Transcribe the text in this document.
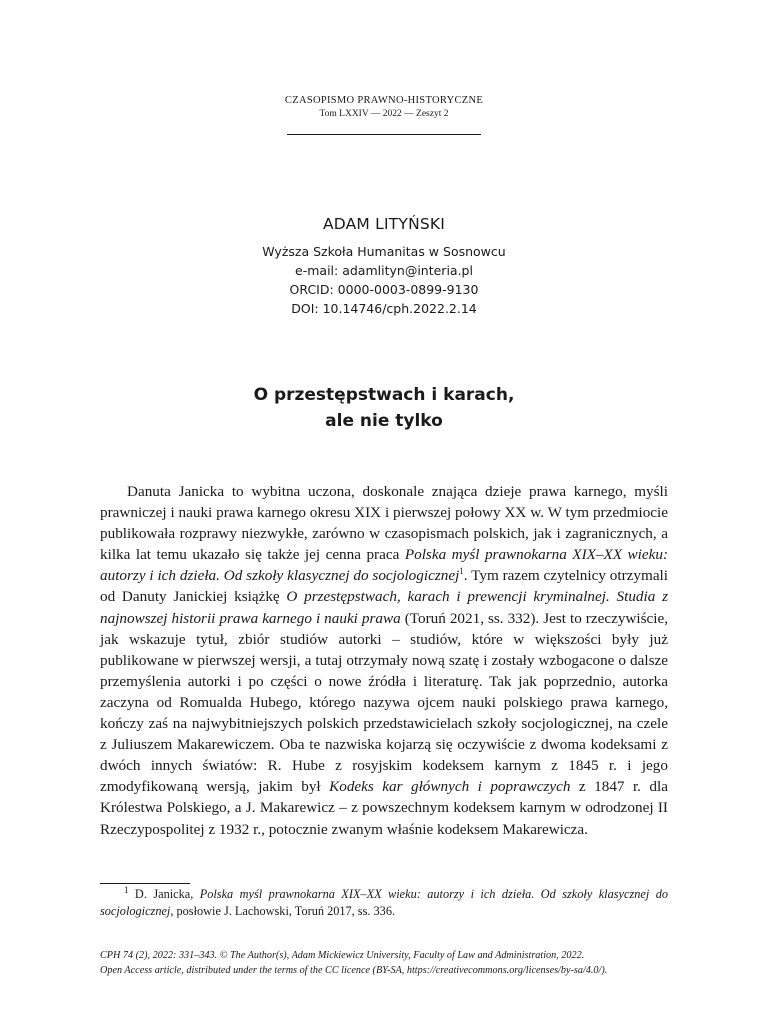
CZASOPISMO PRAWNO-HISTORYCZNE
Tom LXXIV — 2022 — Zeszyt 2
ADAM LITYŃSKI
Wyższa Szkoła Humanitas w Sosnowcu
e-mail: adamlityn@interia.pl
ORCID: 0000-0003-0899-9130
DOI: 10.14746/cph.2022.2.14
O przestępstwach i karach,
ale nie tylko

Danuta Janicka to wybitna uczona, doskonale znająca dzieje prawa karnego, myśli prawniczej i nauki prawa karnego okresu XIX i pierwszej połowy XX w. W tym przedmiocie publikowała rozprawy niezwykłe, zarówno w czasopismach polskich, jak i zagranicznych, a kilka lat temu ukazało się także jej cenna praca Polska myśl prawnokarna XIX–XX wieku: autorzy i ich dzieła. Od szkoły klasycznej do socjologicznej$^1$. Tym razem czytelnicy otrzymali od Danuty Janickiej książkę O przestępstwach, karach i prewencji kryminalnej. Studia z najnowszej historii prawa karnego i nauki prawa (Toruń 2021, ss. 332). Jest to rzeczywiście, jak wskazuje tytuł, zbiór studiów autorki – studiów, które w większości były już publikowane w pierwszej wersji, a tutaj otrzymały nową szatę i zostały wzbogacone o dalsze przemyślenia autorki i po części o nowe źródła i literaturę. Tak jak poprzednio, autorka zaczyna od Romualda Hubego, którego nazywa ojcem nauki polskiego prawa karnego, kończy zaś na najwybitniejszych polskich przedstawicielach szkoły socjologicznej, na czele z Juliuszem Makarewiczem. Oba te nazwiska kojarzą się oczywiście z dwoma kodeksami z dwóch innych światów: R. Hube z rosyjskim kodeksem karnym z 1845 r. i jego zmodyfikowaną wersją, jakim był Kodeks kar głównych i poprawczych z 1847 r. dla Królestwa Polskiego, a J. Makarewicz – z powszechnym kodeksem karnym w odrodzonej II Rzeczypospolitej z 1932 r., potocznie zwanym właśnie kodeksem Makarewicza.

$^1$ D. Janicka, Polska myśl prawnokarna XIX–XX wieku: autorzy i ich dzieła. Od szkoły klasycznej do socjologicznej, posłowie J. Lachowski, Toruń 2017, ss. 336.

CPH 74 (2), 2022: 331–343. © The Author(s), Adam Mickiewicz University, Faculty of Law and Administration, 2022.
Open Access article, distributed under the terms of the CC licence (BY-SA, https://creativecommons.org/licenses/by-sa/4.0/).
